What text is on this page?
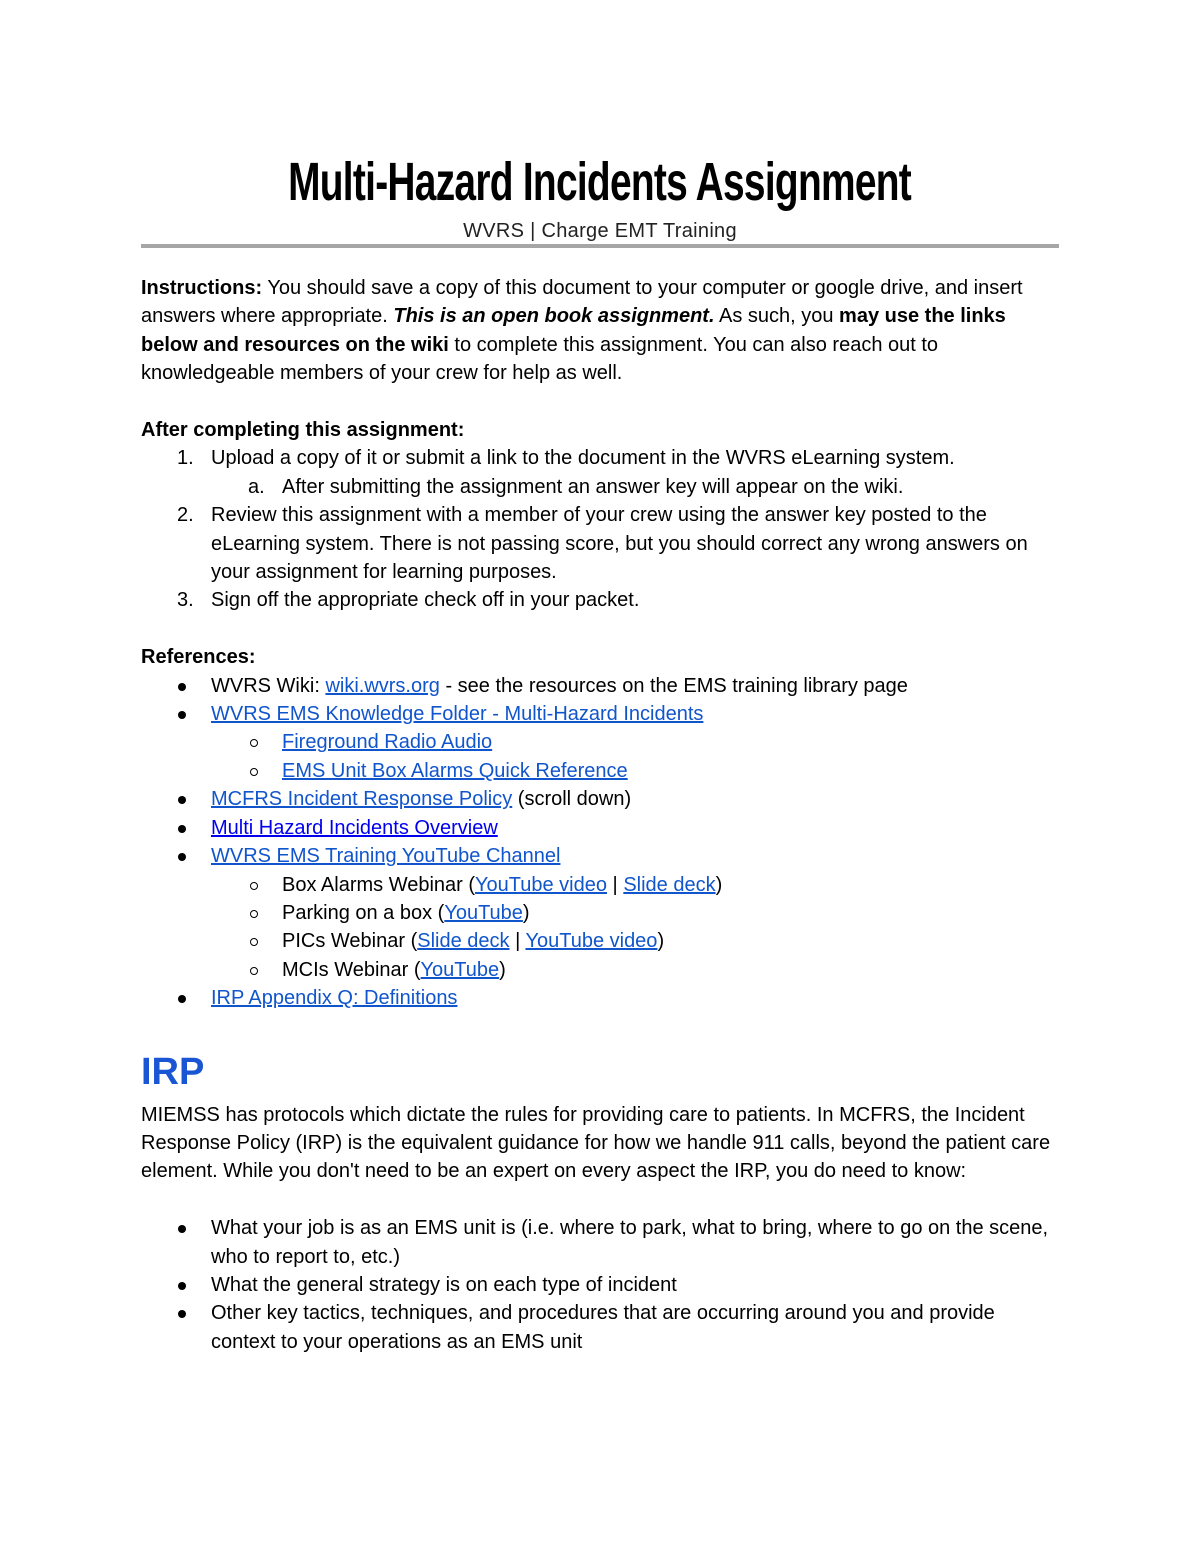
Multi-Hazard Incidents Assignment
WVRS | Charge EMT Training

Instructions: You should save a copy of this document to your computer or google drive, and insert answers where appropriate. This is an open book assignment. As such, you may use the links below and resources on the wiki to complete this assignment. You can also reach out to knowledgeable members of your crew for help as well.

After completing this assignment:

1. Upload a copy of it or submit a link to the document in the WVRS eLearning system.
a. After submitting the assignment an answer key will appear on the wiki.
2. Review this assignment with a member of your crew using the answer key posted to the eLearning system. There is not passing score, but you should correct any wrong answers on your assignment for learning purposes.
3. Sign off the appropriate check off in your packet.

References:

WVRS Wiki: wiki.wvrs.org - see the resources on the EMS training library page
WVRS EMS Knowledge Folder - Multi-Hazard Incidents
Fireground Radio Audio
EMS Unit Box Alarms Quick Reference
MCFRS Incident Response Policy (scroll down)
Multi Hazard Incidents Overview
WVRS EMS Training YouTube Channel
Box Alarms Webinar (YouTube video | Slide deck)
Parking on a box (YouTube)
PICs Webinar (Slide deck | YouTube video)
MCIs Webinar (YouTube)
IRP Appendix Q: Definitions
IRP

MIEMSS has protocols which dictate the rules for providing care to patients. In MCFRS, the Incident Response Policy (IRP) is the equivalent guidance for how we handle 911 calls, beyond the patient care element. While you don't need to be an expert on every aspect the IRP, you do need to know:

What your job is as an EMS unit is (i.e. where to park, what to bring, where to go on the scene, who to report to, etc.)
What the general strategy is on each type of incident
Other key tactics, techniques, and procedures that are occurring around you and provide context to your operations as an EMS unit
